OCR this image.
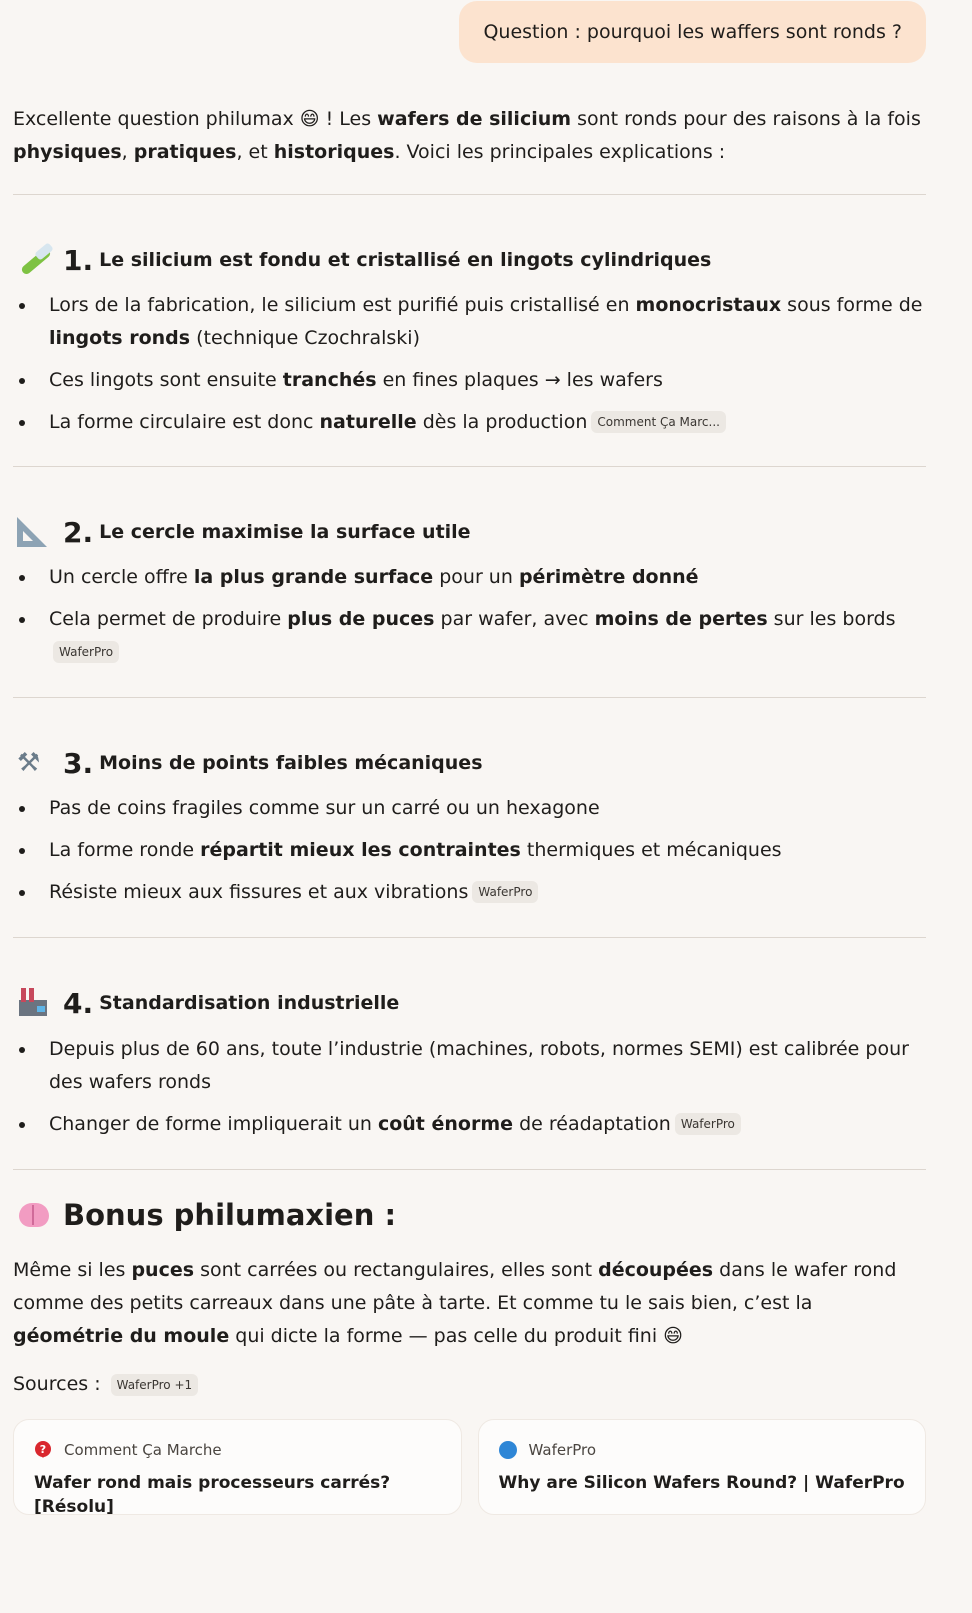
Question : pourquoi les waffers sont ronds ?

Excellente question philumax 😄 ! Les wafers de silicium sont ronds pour des raisons à la fois physiques, pratiques, et historiques. Voici les principales explications :

1. Le silicium est fondu et cristallisé en lingots cylindriques
Lors de la fabrication, le silicium est purifié puis cristallisé en monocristaux sous forme de lingots ronds (technique Czochralski)
Ces lingots sont ensuite tranchés en fines plaques → les wafers
La forme circulaire est donc naturelle dès la production Comment Ça Marc...
2. Le cercle maximise la surface utile
Un cercle offre la plus grande surface pour un périmètre donné
Cela permet de produire plus de puces par wafer, avec moins de pertes sur les bordsWaferPro
⚒ 3. Moins de points faibles mécaniques
Pas de coins fragiles comme sur un carré ou un hexagone
La forme ronde répartit mieux les contraintes thermiques et mécaniques
Résiste mieux aux fissures et aux vibrations WaferPro
4. Standardisation industrielle
Depuis plus de 60 ans, toute l’industrie (machines, robots, normes SEMI) est calibrée pour des wafers ronds
Changer de forme impliquerait un coût énorme de réadaptation WaferPro
Bonus philumaxien :

Même si les puces sont carrées ou rectangulaires, elles sont découpées dans le wafer rond comme des petits carreaux dans une pâte à tarte. Et comme tu le sais bien, c’est la géométrie du moule qui dicte la forme — pas celle du produit fini 😄

Sources :	WaferPro +1
? Comment Ça Marche
Wafer rond mais processeurs carrés? [Résolu]
WaferPro
Why are Silicon Wafers Round? | WaferPro
